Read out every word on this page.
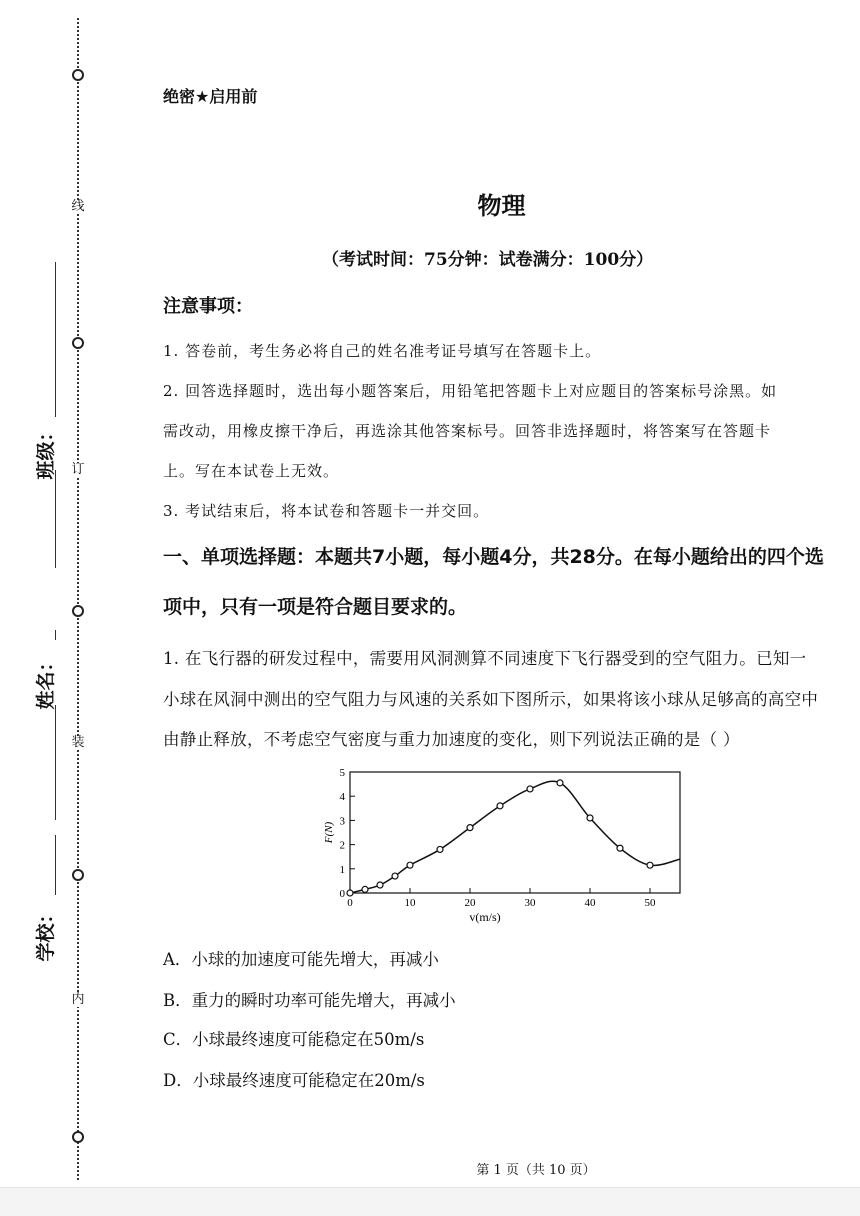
线
订
装
内
班级：
姓名：
学校：
绝密★启用前
物理
（考试时间：75分钟：试卷满分：100分）
注意事项：
1. 答卷前，考生务必将自己的姓名准考证号填写在答题卡上。
2. 回答选择题时，选出每小题答案后，用铅笔把答题卡上对应题目的答案标号涂黑。如
需改动，用橡皮擦干净后，再选涂其他答案标号。回答非选择题时，将答案写在答题卡
上。写在本试卷上无效。
3. 考试结束后，将本试卷和答题卡一并交回。
一、单项选择题：本题共7小题，每小题4分，共28分。在每小题给出的四个选
项中，只有一项是符合题目要求的。
1. 在飞行器的研发过程中，需要用风洞测算不同速度下飞行器受到的空气阻力。已知一
小球在风洞中测出的空气阻力与风速的关系如下图所示，如果将该小球从足够高的高空中
由静止释放，不考虑空气密度与重力加速度的变化，则下列说法正确的是（ ）
0	10	20	30	40	50
0
1
2
3
4
5
F(N)
v(m/s)
A．小球的加速度可能先增大，再减小
B．重力的瞬时功率可能先增大，再减小
C．小球最终速度可能稳定在50m/s
D．小球最终速度可能稳定在20m/s
第 1 页（共 10 页）
